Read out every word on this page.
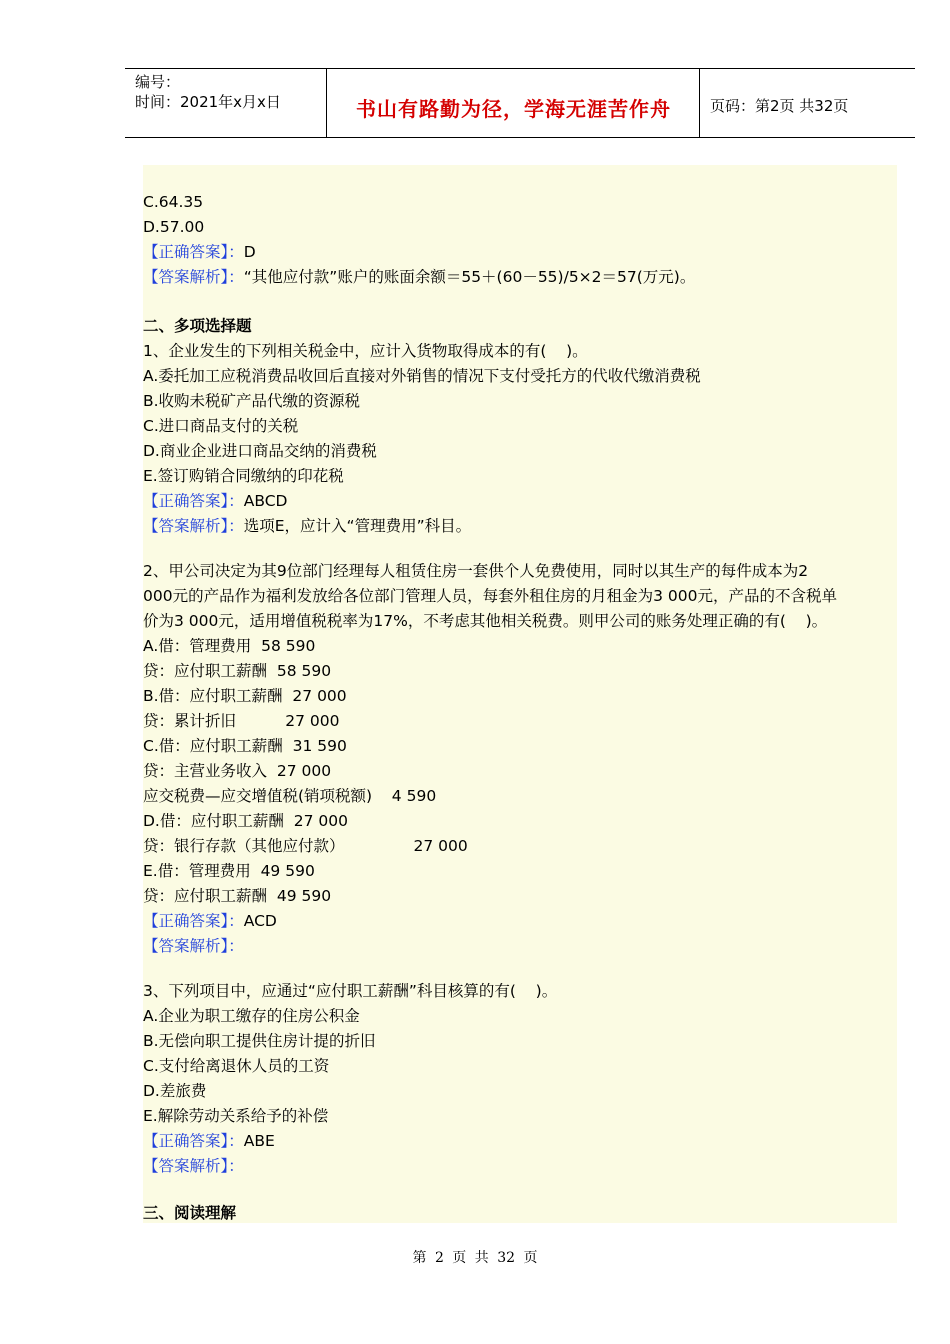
编号：
时间：2021年x月x日	书山有路勤为径，学海无涯苦作舟	页码：第2页 共32页
C.64.35
D.57.00
【正确答案】：D
【答案解析】：“其他应付款”账户的账面余额＝55＋(60－55)/5×2＝57(万元)。
二、多项选择题
1、企业发生的下列相关税金中，应计入货物取得成本的有(    )。
A.委托加工应税消费品收回后直接对外销售的情况下支付受托方的代收代缴消费税
B.收购未税矿产品代缴的资源税
C.进口商品支付的关税
D.商业企业进口商品交纳的消费税
E.签订购销合同缴纳的印花税
【正确答案】：ABCD
【答案解析】：选项E，应计入“管理费用”科目。
2、甲公司决定为其9位部门经理每人租赁住房一套供个人免费使用，同时以其生产的每件成本为2
000元的产品作为福利发放给各位部门管理人员，每套外租住房的月租金为3 000元，产品的不含税单
价为3 000元，适用增值税税率为17%，不考虑其他相关税费。则甲公司的账务处理正确的有(    )。
A.借：管理费用  58 590
贷：应付职工薪酬  58 590
B.借：应付职工薪酬  27 000
贷：累计折旧          27 000
C.借：应付职工薪酬  31 590
贷：主营业务收入  27 000
应交税费—应交增值税(销项税额)    4 590
D.借：应付职工薪酬  27 000
贷：银行存款（其他应付款）              27 000
E.借：管理费用  49 590
贷：应付职工薪酬  49 590
【正确答案】：ACD
【答案解析】：
3、下列项目中，应通过“应付职工薪酬”科目核算的有(    )。
A.企业为职工缴存的住房公积金
B.无偿向职工提供住房计提的折旧
C.支付给离退休人员的工资
D.差旅费
E.解除劳动关系给予的补偿
【正确答案】：ABE
【答案解析】：
三、阅读理解
第 2 页 共 32 页
